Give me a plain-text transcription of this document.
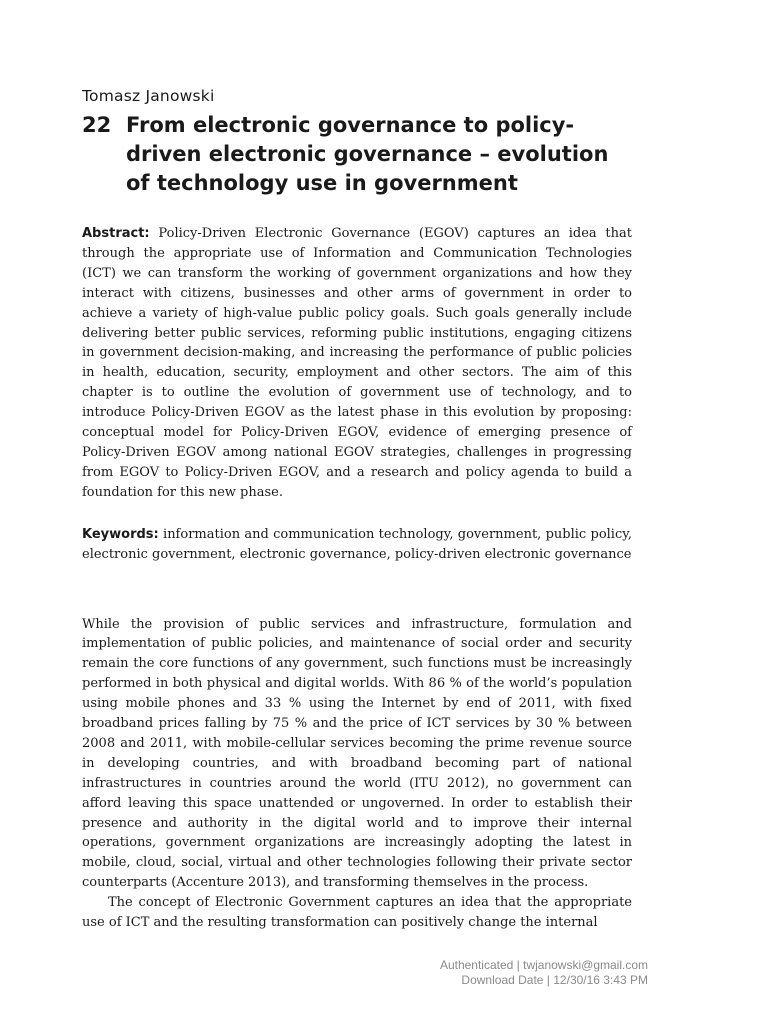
Tomasz Janowski

22 From electronic governance to policy-driven electronic governance – evolution of technology use in government
Abstract: Policy-Driven Electronic Governance (EGOV) captures an idea that through the appropriate use of Information and Communication Technologies (ICT) we can transform the working of government organizations and how they interact with citizens, businesses and other arms of government in order to achieve a variety of high-value public policy goals. Such goals generally include delivering better public services, reforming public institutions, engaging citizens in government decision-making, and increasing the performance of public policies in health, education, security, employment and other sectors. The aim of this chapter is to outline the evolution of government use of technology, and to introduce Policy-Driven EGOV as the latest phase in this evolution by proposing: conceptual model for Policy-Driven EGOV, evidence of emerging presence of Policy-Driven EGOV among national EGOV strategies, challenges in progressing from EGOV to Policy-Driven EGOV, and a research and policy agenda to build a foundation for this new phase.
Keywords: information and communication technology, government, public policy, electronic government, electronic governance, policy-driven electronic governance

While the provision of public services and infrastructure, formulation and implementation of public policies, and maintenance of social order and security remain the core functions of any government, such functions must be increasingly performed in both physical and digital worlds. With 86 % of the world’s population using mobile phones and 33 % using the Internet by end of 2011, with fixed broadband prices falling by 75 % and the price of ICT services by 30 % between 2008 and 2011, with mobile-cellular services becoming the prime revenue source in developing countries, and with broadband becoming part of national infrastructures in countries around the world (ITU 2012), no government can afford leaving this space unattended or ungoverned. In order to establish their presence and authority in the digital world and to improve their internal operations, government organizations are increasingly adopting the latest in mobile, cloud, social, virtual and other technologies following their private sector counterparts (Accenture 2013), and transforming themselves in the process.

The concept of Electronic Government captures an idea that the appropriate use of ICT and the resulting transformation can positively change the internal

Authenticated | twjanowski@gmail.com
Download Date | 12/30/16 3:43 PM
